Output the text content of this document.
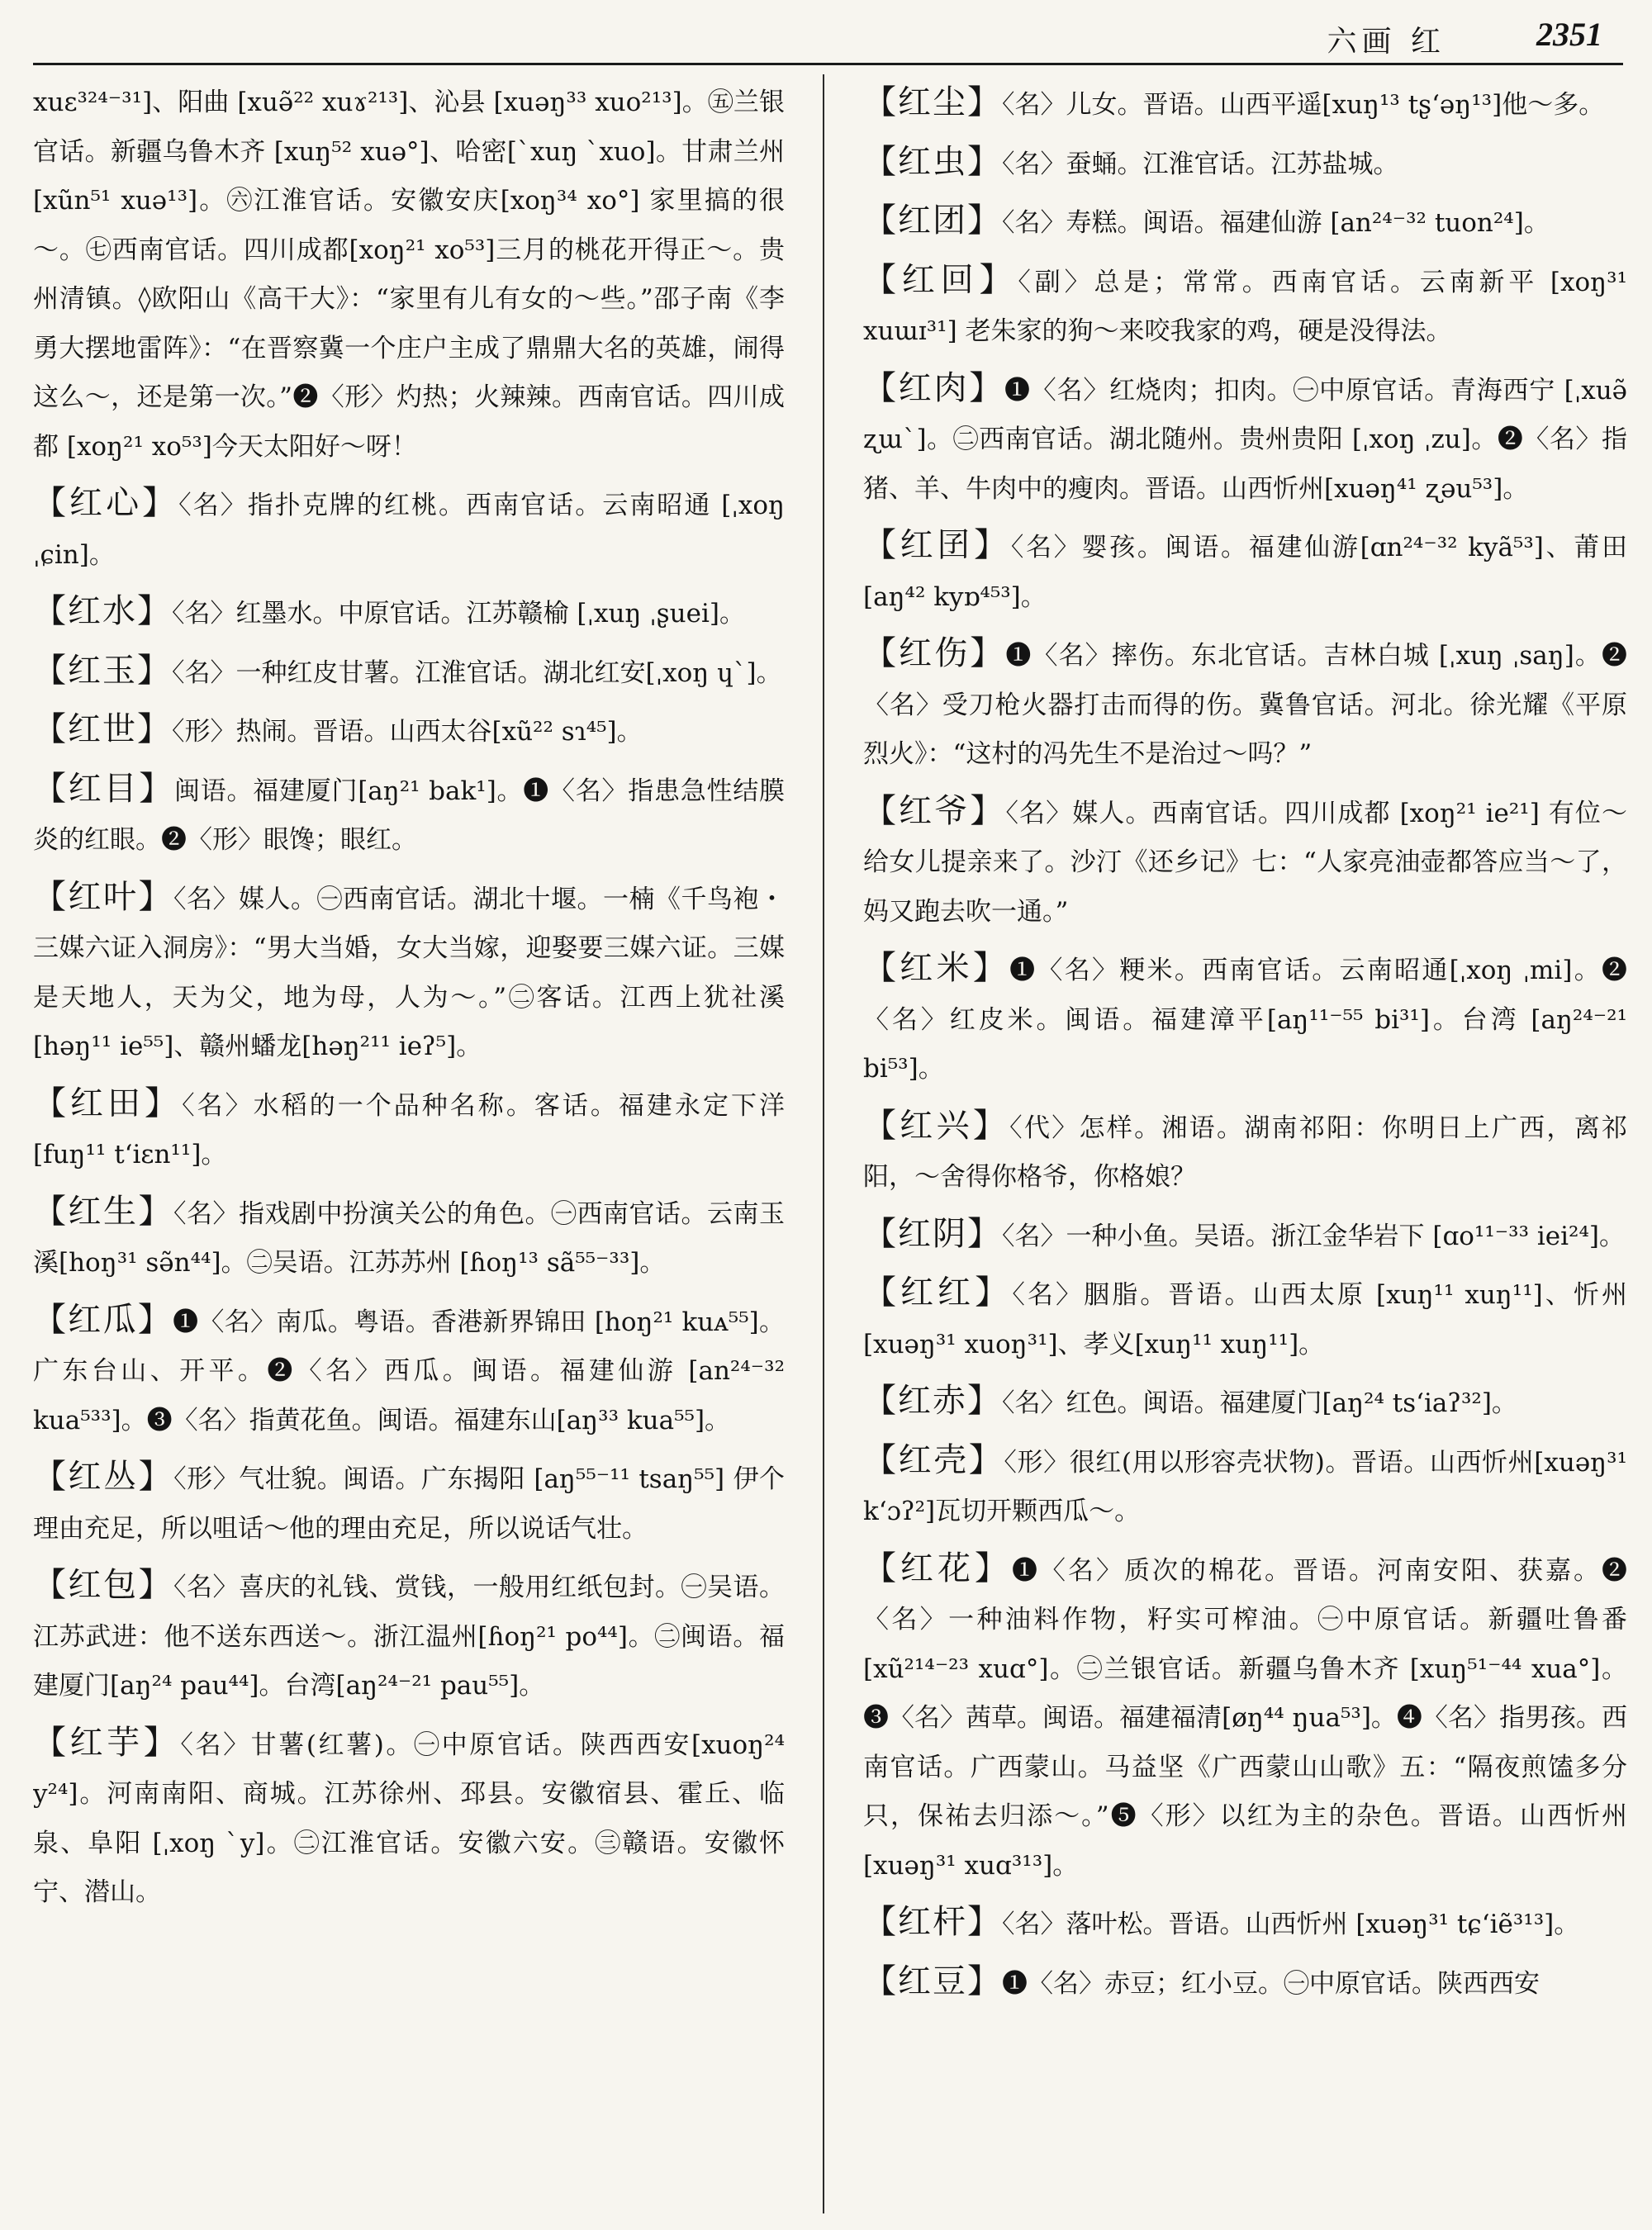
六画 红	2351

xuɛ³²⁴⁻³¹]、阳曲 [xuə̃²² xuɤ²¹³]、沁县 [xuəŋ³³ xuo²¹³]。㊄兰银官话。新疆乌鲁木齐 [xuŋ⁵² xuə°]、哈密[ˋxuŋ ˋxuo]。甘肃兰州 [xũn⁵¹ xuə¹³]。㊅江淮官话。安徽安庆[xoŋ³⁴ xo°] 家里搞的很～。㊆西南官话。四川成都[xoŋ²¹ xo⁵³]三月的桃花开得正～。贵州清镇。◊欧阳山《高干大》：“家里有儿有女的～些。”邵子南《李勇大摆地雷阵》：“在晋察冀一个庄户主成了鼎鼎大名的英雄，闹得这么～，还是第一次。”❷〈形〉灼热；火辣辣。西南官话。四川成都 [xoŋ²¹ xo⁵³]今天太阳好～呀！

【红心】〈名〉指扑克牌的红桃。西南官话。云南昭通 [ˌxoŋ ˌɕin]。

【红水】〈名〉红墨水。中原官话。江苏赣榆 [ˌxuŋ ˌʂuei]。

【红玉】〈名〉一种红皮甘薯。江淮官话。湖北红安[ˌxoŋ ɥˋ]。

【红世】〈形〉热闹。晋语。山西太谷[xũ²² sɿ⁴⁵]。

【红目】闽语。福建厦门[aŋ²¹ bak¹]。❶〈名〉指患急性结膜炎的红眼。❷〈形〉眼馋；眼红。

【红叶】〈名〉媒人。㊀西南官话。湖北十堰。一楠《千鸟袍・三媒六证入洞房》：“男大当婚，女大当嫁，迎娶要三媒六证。三媒是天地人，天为父，地为母，人为～。”㊁客话。江西上犹社溪[həŋ¹¹ ie⁵⁵]、赣州蟠龙[həŋ²¹¹ ieʔ⁵]。

【红田】〈名〉水稻的一个品种名称。客话。福建永定下洋[fuŋ¹¹ tʻiɛn¹¹]。

【红生】〈名〉指戏剧中扮演关公的角色。㊀西南官话。云南玉溪[hoŋ³¹ sə̃n⁴⁴]。㊁吴语。江苏苏州 [ɦoŋ¹³ sã⁵⁵⁻³³]。

【红瓜】❶〈名〉南瓜。粤语。香港新界锦田 [hoŋ²¹ kuᴀ⁵⁵]。广东台山、开平。❷〈名〉西瓜。闽语。福建仙游 [an²⁴⁻³² kua⁵³³]。❸〈名〉指黄花鱼。闽语。福建东山[aŋ³³ kua⁵⁵]。

【红丛】〈形〉气壮貌。闽语。广东揭阳 [aŋ⁵⁵⁻¹¹ tsaŋ⁵⁵] 伊个理由充足，所以咀话～他的理由充足，所以说话气壮。

【红包】〈名〉喜庆的礼钱、赏钱，一般用红纸包封。㊀吴语。江苏武进：他不送东西送～。浙江温州[ɦoŋ²¹ po⁴⁴]。㊁闽语。福建厦门[aŋ²⁴ pau⁴⁴]。台湾[aŋ²⁴⁻²¹ pau⁵⁵]。

【红芋】〈名〉甘薯(红薯)。㊀中原官话。陕西西安[xuoŋ²⁴ y²⁴]。河南南阳、商城。江苏徐州、邳县。安徽宿县、霍丘、临泉、阜阳 [ˌxoŋ ˋy]。㊁江淮官话。安徽六安。㊂赣语。安徽怀宁、潜山。

【红尘】〈名〉儿女。晋语。山西平遥[xuŋ¹³ tʂʻəŋ¹³]他～多。

【红虫】〈名〉蚕蛹。江淮官话。江苏盐城。

【红团】〈名〉寿糕。闽语。福建仙游 [an²⁴⁻³² tuon²⁴]。

【红回】〈副〉总是；常常。西南官话。云南新平 [xoŋ³¹ xuɯɪ³¹] 老朱家的狗～来咬我家的鸡，硬是没得法。

【红肉】❶〈名〉红烧肉；扣肉。㊀中原官话。青海西宁 [ˌxuə̃ ʐɯˋ]。㊁西南官话。湖北随州。贵州贵阳 [ˌxoŋ ˌzu]。❷〈名〉指猪、羊、牛肉中的瘦肉。晋语。山西忻州[xuəŋ⁴¹ ʐəu⁵³]。

【红囝】〈名〉婴孩。闽语。福建仙游[ɑn²⁴⁻³² kyã⁵³]、莆田[aŋ⁴² kyɒ⁴⁵³]。

【红伤】❶〈名〉摔伤。东北官话。吉林白城 [ˌxuŋ ˌsaŋ]。❷〈名〉受刀枪火器打击而得的伤。冀鲁官话。河北。徐光耀《平原烈火》：“这村的冯先生不是治过～吗？”

【红爷】〈名〉媒人。西南官话。四川成都 [xoŋ²¹ ie²¹] 有位～给女儿提亲来了。沙汀《还乡记》七：“人家亮油壶都答应当～了，妈又跑去吹一通。”

【红米】❶〈名〉粳米。西南官话。云南昭通[ˌxoŋ ˌmi]。❷〈名〉红皮米。闽语。福建漳平[aŋ¹¹⁻⁵⁵ bi³¹]。台湾 [aŋ²⁴⁻²¹ bi⁵³]。

【红兴】〈代〉怎样。湘语。湖南祁阳：你明日上广西，离祁阳，～舍得你格爷，你格娘？

【红阴】〈名〉一种小鱼。吴语。浙江金华岩下 [ɑo¹¹⁻³³ iei²⁴]。

【红红】〈名〉胭脂。晋语。山西太原 [xuŋ¹¹ xuŋ¹¹]、忻州[xuəŋ³¹ xuoŋ³¹]、孝义[xuŋ¹¹ xuŋ¹¹]。

【红赤】〈名〉红色。闽语。福建厦门[aŋ²⁴ tsʻiaʔ³²]。

【红壳】〈形〉很红(用以形容壳状物)。晋语。山西忻州[xuəŋ³¹ kʻɔʔ²]瓦切开颗西瓜～。

【红花】❶〈名〉质次的棉花。晋语。河南安阳、获嘉。❷〈名〉一种油料作物，籽实可榨油。㊀中原官话。新疆吐鲁番 [xũ²¹⁴⁻²³ xuɑ°]。㊁兰银官话。新疆乌鲁木齐 [xuŋ⁵¹⁻⁴⁴ xua°]。❸〈名〉茜草。闽语。福建福清[øŋ⁴⁴ ŋua⁵³]。❹〈名〉指男孩。西南官话。广西蒙山。马益坚《广西蒙山山歌》五：“隔夜煎馌多分只，保祐去归添～。”❺〈形〉以红为主的杂色。晋语。山西忻州[xuəŋ³¹ xuɑ³¹³]。

【红杆】〈名〉落叶松。晋语。山西忻州 [xuəŋ³¹ tɕʻiẽ³¹³]。

【红豆】❶〈名〉赤豆；红小豆。㊀中原官话。陕西西安
